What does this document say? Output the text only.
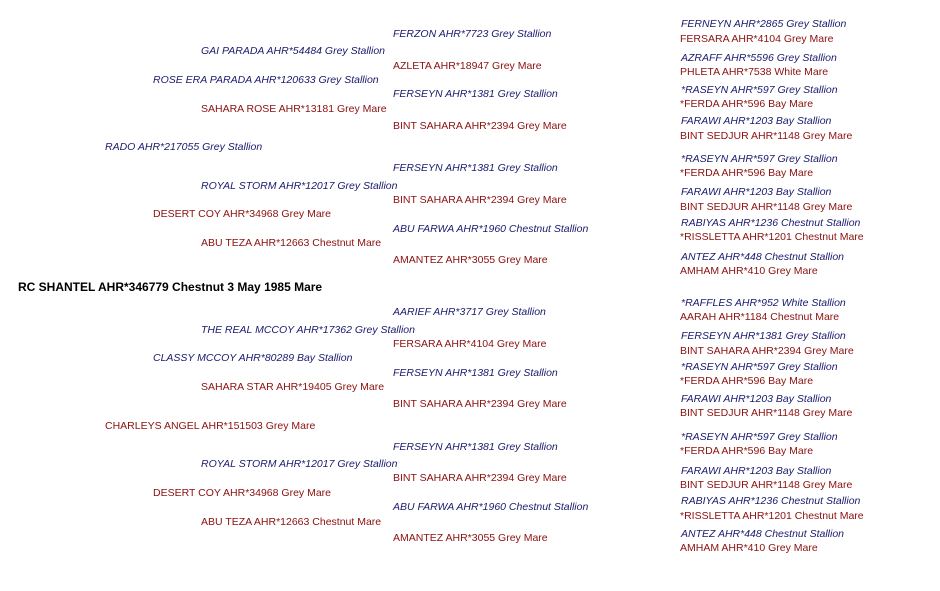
RC SHANTEL AHR*346779 Chestnut 3 May 1985 Mare
FERZON AHR*7723 Grey Stallion
GAI PARADA AHR*54484 Grey Stallion
AZLETA AHR*18947 Grey Mare
ROSE ERA PARADA AHR*120633 Grey Stallion
FERSEYN AHR*1381 Grey Stallion
SAHARA ROSE AHR*13181 Grey Mare
BINT SAHARA AHR*2394 Grey Mare
RADO AHR*217055 Grey Stallion
FERSEYN AHR*1381 Grey Stallion
ROYAL STORM AHR*12017 Grey Stallion
BINT SAHARA AHR*2394 Grey Mare
DESERT COY AHR*34968 Grey Mare
ABU FARWA AHR*1960 Chestnut Stallion
ABU TEZA AHR*12663 Chestnut Mare
AMANTEZ AHR*3055 Grey Mare
AARIEF AHR*3717 Grey Stallion
THE REAL MCCOY AHR*17362 Grey Stallion
FERSARA AHR*4104 Grey Mare
CLASSY MCCOY AHR*80289 Bay Stallion
FERSEYN AHR*1381 Grey Stallion
SAHARA STAR AHR*19405 Grey Mare
BINT SAHARA AHR*2394 Grey Mare
CHARLEYS ANGEL AHR*151503 Grey Mare
FERSEYN AHR*1381 Grey Stallion
ROYAL STORM AHR*12017 Grey Stallion
BINT SAHARA AHR*2394 Grey Mare
DESERT COY AHR*34968 Grey Mare
ABU FARWA AHR*1960 Chestnut Stallion
ABU TEZA AHR*12663 Chestnut Mare
AMANTEZ AHR*3055 Grey Mare
FERNEYN AHR*2865 Grey Stallion
FERSARA AHR*4104 Grey Mare
AZRAFF AHR*5596 Grey Stallion
PHLETA AHR*7538 White Mare
*RASEYN AHR*597 Grey Stallion
*FERDA AHR*596 Bay Mare
FARAWI AHR*1203 Bay Stallion
BINT SEDJUR AHR*1148 Grey Mare
*RASEYN AHR*597 Grey Stallion
*FERDA AHR*596 Bay Mare
FARAWI AHR*1203 Bay Stallion
BINT SEDJUR AHR*1148 Grey Mare
RABIYAS AHR*1236 Chestnut Stallion
*RISSLETTA AHR*1201 Chestnut Mare
ANTEZ AHR*448 Chestnut Stallion
AMHAM AHR*410 Grey Mare
*RAFFLES AHR*952 White Stallion
AARAH AHR*1184 Chestnut Mare
FERSEYN AHR*1381 Grey Stallion
BINT SAHARA AHR*2394 Grey Mare
*RASEYN AHR*597 Grey Stallion
*FERDA AHR*596 Bay Mare
FARAWI AHR*1203 Bay Stallion
BINT SEDJUR AHR*1148 Grey Mare
*RASEYN AHR*597 Grey Stallion
*FERDA AHR*596 Bay Mare
FARAWI AHR*1203 Bay Stallion
BINT SEDJUR AHR*1148 Grey Mare
RABIYAS AHR*1236 Chestnut Stallion
*RISSLETTA AHR*1201 Chestnut Mare
ANTEZ AHR*448 Chestnut Stallion
AMHAM AHR*410 Grey Mare
